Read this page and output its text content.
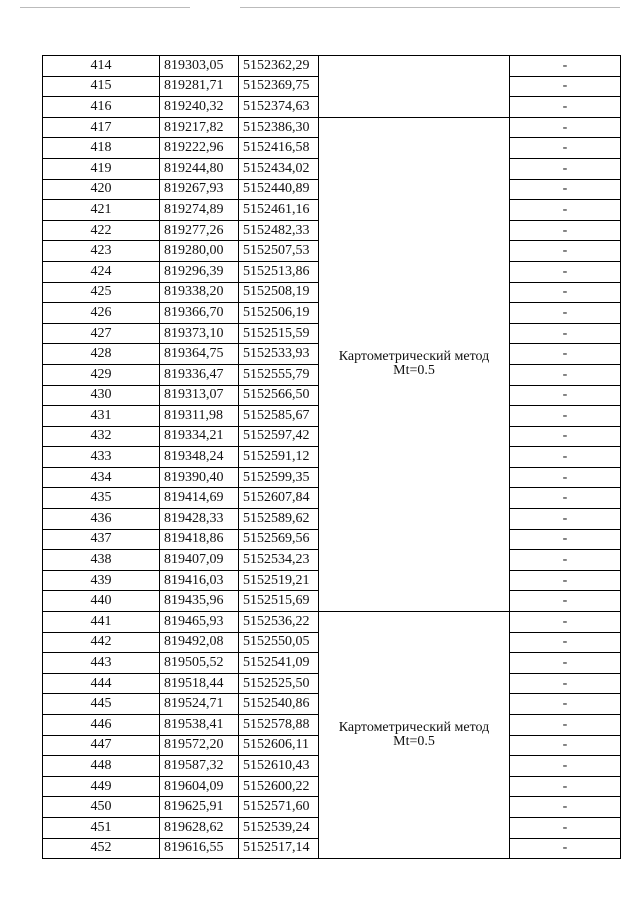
414	819303,05	5152362,29		-
415	819281,71	5152369,75		-
416	819240,32	5152374,63		-
417	819217,82	5152386,30	Картометрический метод
Mt=0.5	-
418	819222,96	5152416,58		-
419	819244,80	5152434,02		-
420	819267,93	5152440,89		-
421	819274,89	5152461,16		-
422	819277,26	5152482,33		-
423	819280,00	5152507,53		-
424	819296,39	5152513,86		-
425	819338,20	5152508,19		-
426	819366,70	5152506,19		-
427	819373,10	5152515,59		-
428	819364,75	5152533,93		-
429	819336,47	5152555,79		-
430	819313,07	5152566,50		-
431	819311,98	5152585,67		-
432	819334,21	5152597,42		-
433	819348,24	5152591,12		-
434	819390,40	5152599,35		-
435	819414,69	5152607,84		-
436	819428,33	5152589,62		-
437	819418,86	5152569,56		-
438	819407,09	5152534,23		-
439	819416,03	5152519,21		-
440	819435,96	5152515,69		-
441	819465,93	5152536,22	Картометрический метод
Mt=0.5	-
442	819492,08	5152550,05		-
443	819505,52	5152541,09		-
444	819518,44	5152525,50		-
445	819524,71	5152540,86		-
446	819538,41	5152578,88		-
447	819572,20	5152606,11		-
448	819587,32	5152610,43		-
449	819604,09	5152600,22		-
450	819625,91	5152571,60		-
451	819628,62	5152539,24		-
452	819616,55	5152517,14		-
